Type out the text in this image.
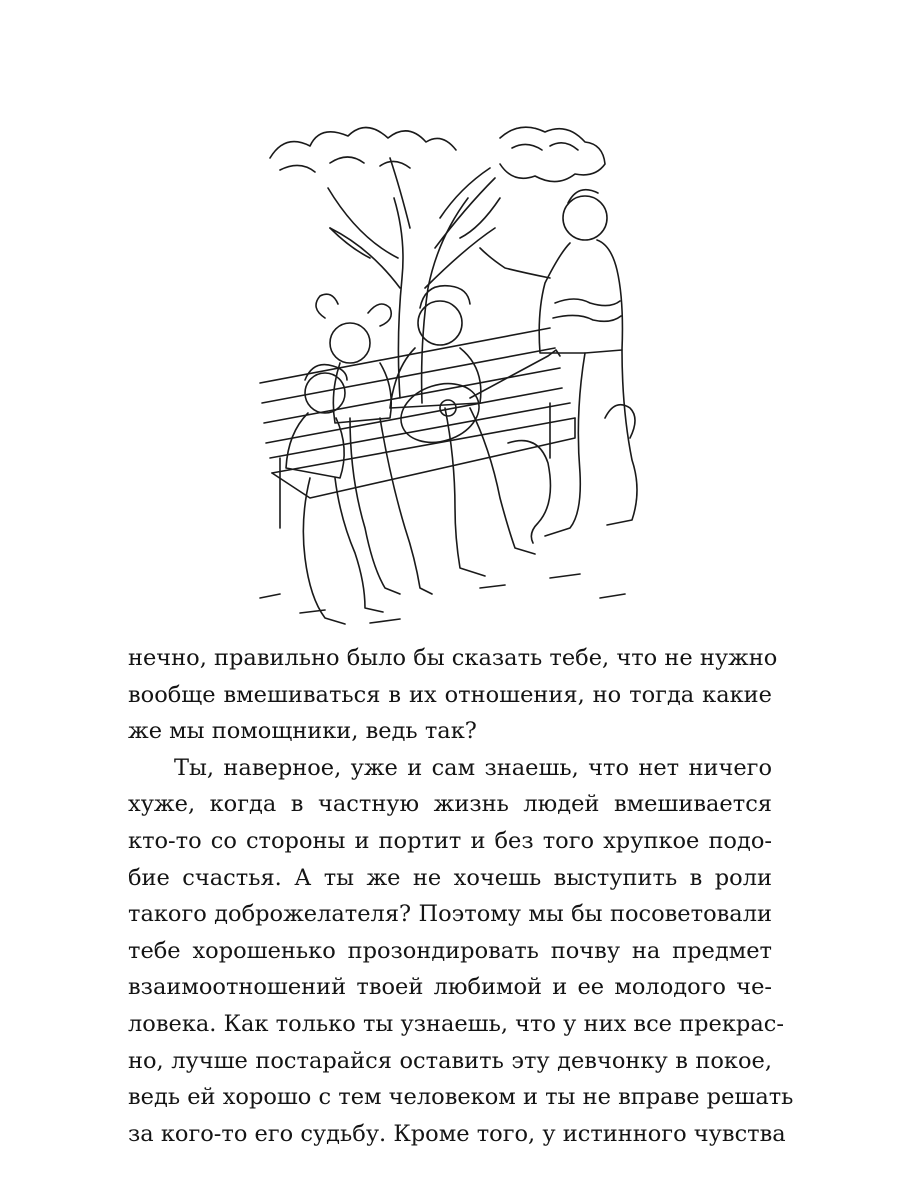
нечно, правильно было бы сказать тебе, что не нужно
вообще вмешиваться в их отношения, но тогда какие
же мы помощники, ведь так?
Ты, наверное, уже и сам знаешь, что нет ничего
хуже, когда в частную жизнь людей вмешивается
кто-то со стороны и портит и без того хрупкое подо-
бие счастья. А ты же не хочешь выступить в роли
такого доброжелателя? Поэтому мы бы посоветовали
тебе хорошенько прозондировать почву на предмет
взаимоотношений твоей любимой и ее молодого че-
ловека. Как только ты узнаешь, что у них все прекрас-
но, лучше постарайся оставить эту девчонку в покое,
ведь ей хорошо с тем человеком и ты не вправе решать
за кого-то его судьбу. Кроме того, у истинного чувства
